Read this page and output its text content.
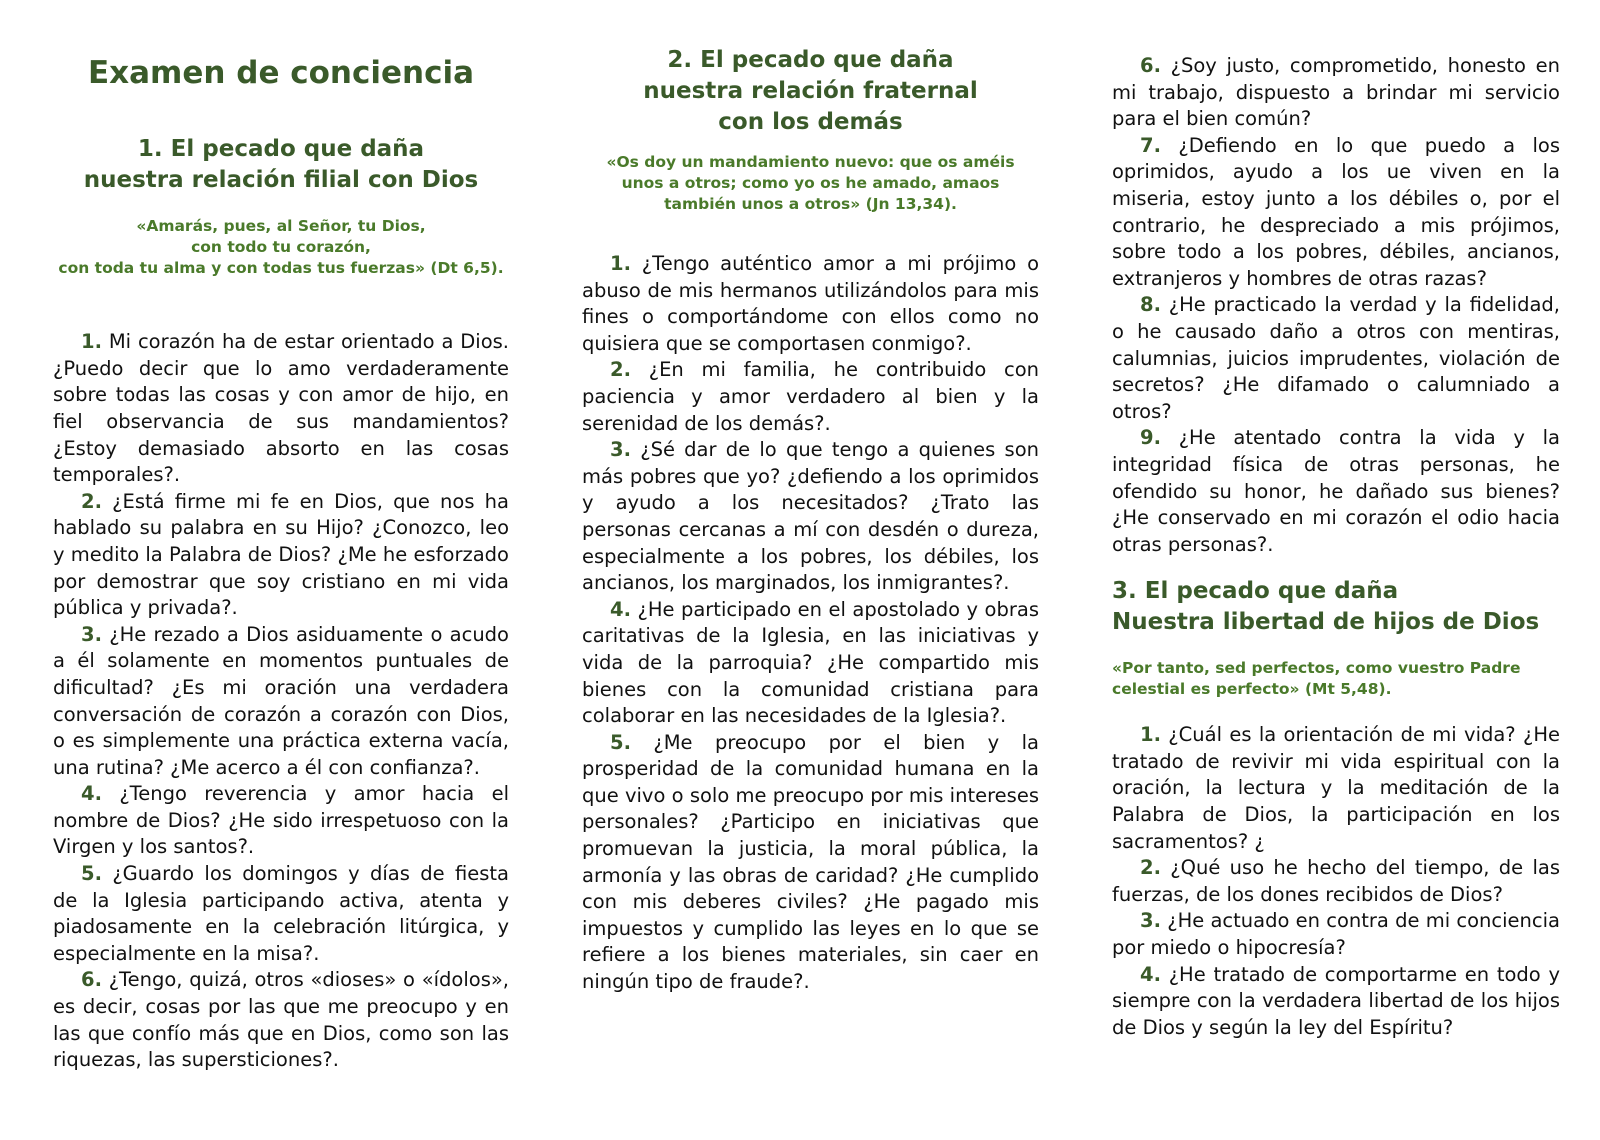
Examen de conciencia
1. El pecado que daña
nuestra relación filial con Dios
«Amarás, pues, al Señor, tu Dios,
con todo tu corazón,
con toda tu alma y con todas tus fuerzas» (Dt 6,5).

1. Mi corazón ha de estar orientado a Dios. ¿Puedo decir que lo amo verdaderamente sobre todas las cosas y con amor de hijo, en fiel observancia de sus mandamientos? ¿Estoy demasiado absorto en las cosas temporales?.

2. ¿Está firme mi fe en Dios, que nos ha hablado su palabra en su Hijo? ¿Conozco, leo y medito la Palabra de Dios? ¿Me he esforzado por demostrar que soy cristiano en mi vida pública y privada?.

3. ¿He rezado a Dios asiduamente o acudo a él solamente en momentos puntuales de dificultad? ¿Es mi oración una verdadera conversación de corazón a corazón con Dios, o es simplemente una práctica externa vacía, una rutina? ¿Me acerco a él con confianza?.

4. ¿Tengo reverencia y amor hacia el nombre de Dios? ¿He sido irrespetuoso con la Virgen y los santos?.

5. ¿Guardo los domingos y días de fiesta de la Iglesia participando activa, atenta y piadosamente en la celebración litúrgica, y especialmente en la misa?.

6. ¿Tengo, quizá, otros «dioses» o «ídolos», es decir, cosas por las que me preocupo y en las que confío más que en Dios, como son las riquezas, las supersticiones?.

2. El pecado que daña
nuestra relación fraternal
con los demás
«Os doy un mandamiento nuevo: que os améis
unos a otros; como yo os he amado, amaos
también unos a otros» (Jn 13,34).

1. ¿Tengo auténtico amor a mi prójimo o abuso de mis hermanos utilizándolos para mis fines o comportándome con ellos como no quisiera que se comportasen conmigo?.

2. ¿En mi familia, he contribuido con paciencia y amor verdadero al bien y la serenidad de los demás?.

3. ¿Sé dar de lo que tengo a quienes son más pobres que yo? ¿defiendo a los oprimidos y ayudo a los necesitados? ¿Trato las personas cercanas a mí con desdén o dureza, especialmente a los pobres, los débiles, los ancianos, los marginados, los inmigrantes?.

4. ¿He participado en el apostolado y obras caritativas de la Iglesia, en las iniciativas y vida de la parroquia? ¿He compartido mis bienes con la comunidad cristiana para colaborar en las necesidades de la Iglesia?.

5. ¿Me preocupo por el bien y la prosperidad de la comunidad humana en la que vivo o solo me preocupo por mis intereses personales? ¿Participo en iniciativas que promuevan la justicia, la moral pública, la armonía y las obras de caridad? ¿He cumplido con mis deberes civiles? ¿He pagado mis impuestos y cumplido las leyes en lo que se refiere a los bienes materiales, sin caer en ningún tipo de fraude?.

6. ¿Soy justo, comprometido, honesto en mi trabajo, dispuesto a brindar mi servicio para el bien común?

7. ¿Defiendo en lo que puedo a los oprimidos, ayudo a los ue viven en la miseria, estoy junto a los débiles o, por el contrario, he despreciado a mis prójimos, sobre todo a los pobres, débiles, ancianos, extranjeros y hombres de otras razas?

8. ¿He practicado la verdad y la fidelidad, o he causado daño a otros con mentiras, calumnias, juicios imprudentes, violación de secretos? ¿He difamado o calumniado a otros?

9. ¿He atentado contra la vida y la integridad física de otras personas, he ofendido su honor, he dañado sus bienes? ¿He conservado en mi corazón el odio hacia otras personas?.

3. El pecado que daña
Nuestra libertad de hijos de Dios
«Por tanto, sed perfectos, como vuestro Padre
celestial es perfecto» (Mt 5,48).

1. ¿Cuál es la orientación de mi vida? ¿He tratado de revivir mi vida espiritual con la oración, la lectura y la meditación de la Palabra de Dios, la participación en los sacramentos? ¿

2. ¿Qué uso he hecho del tiempo, de las fuerzas, de los dones recibidos de Dios?

3. ¿He actuado en contra de mi conciencia por miedo o hipocresía?

4. ¿He tratado de comportarme en todo y siempre con la verdadera libertad de los hijos de Dios y según la ley del Espíritu?
